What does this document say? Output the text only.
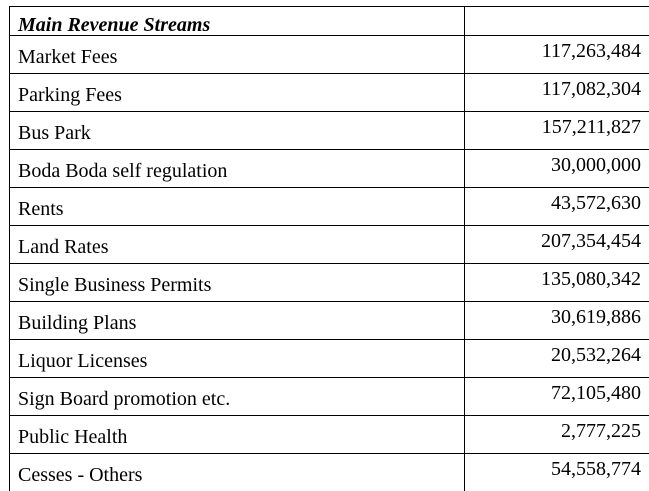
Main Revenue Streams	
Market Fees	117,263,484
Parking Fees	117,082,304
Bus Park	157,211,827
Boda Boda self regulation	30,000,000
Rents	43,572,630
Land Rates	207,354,454
Single Business Permits	135,080,342
Building Plans	30,619,886
Liquor Licenses	20,532,264
Sign Board promotion etc.	72,105,480
Public Health	2,777,225
Cesses - Others	54,558,774
